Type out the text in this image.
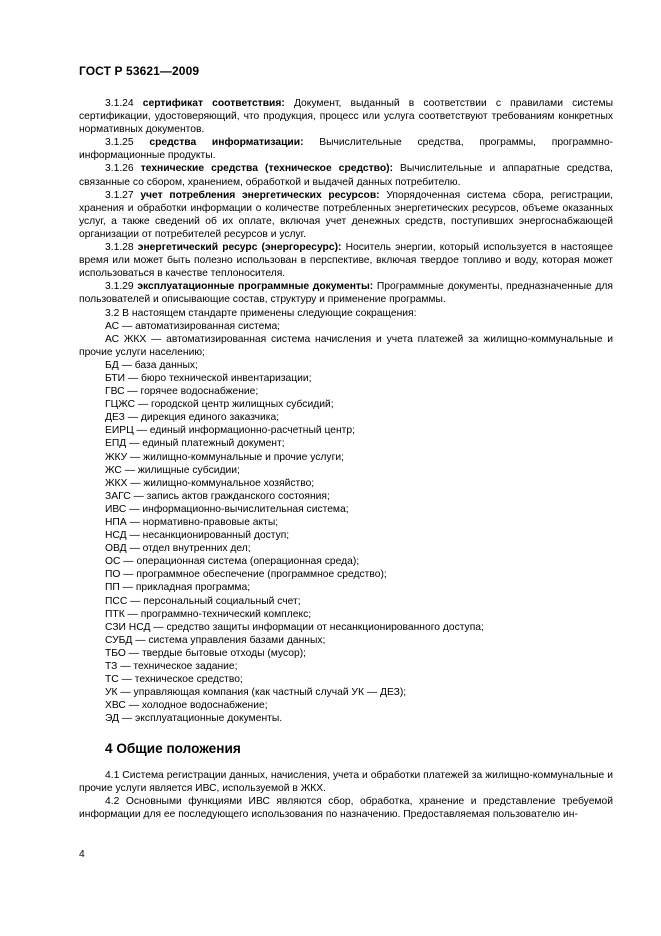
ГОСТ Р 53621—2009

3.1.24 сертификат соответствия: Документ, выданный в соответствии с правилами системы сертификации, удостоверяющий, что продукция, процесс или услуга соответствуют требованиям конкретных нормативных документов.

3.1.25 средства информатизации: Вычислительные средства, программы, программно-информационные продукты.

3.1.26 технические средства (техническое средство): Вычислительные и аппаратные средства, связанные со сбором, хранением, обработкой и выдачей данных потребителю.

3.1.27 учет потребления энергетических ресурсов: Упорядоченная система сбора, регистрации, хранения и обработки информации о количестве потребленных энергетических ресурсов, объеме оказанных услуг, а также сведений об их оплате, включая учет денежных средств, поступивших энергоснабжающей организации от потребителей ресурсов и услуг.

3.1.28 энергетический ресурс (энергоресурс): Носитель энергии, который используется в настоящее время или может быть полезно использован в перспективе, включая твердое топливо и воду, которая может использоваться в качестве теплоносителя.

3.1.29 эксплуатационные программные документы: Программные документы, предназначенные для пользователей и описывающие состав, структуру и применение программы.

3.2 В настоящем стандарте применены следующие сокращения:

АС — автоматизированная система;
АС ЖКХ — автоматизированная система начисления и учета платежей за жилищно-коммунальные и прочие услуги населению;
БД — база данных;
БТИ — бюро технической инвентаризации;
ГВС — горячее водоснабжение;
ГЦЖС — городской центр жилищных субсидий;
ДЕЗ — дирекция единого заказчика;
ЕИРЦ — единый информационно-расчетный центр;
ЕПД — единый платежный документ;
ЖКУ — жилищно-коммунальные и прочие услуги;
ЖС — жилищные субсидии;
ЖКХ — жилищно-коммунальное хозяйство;
ЗАГС — запись актов гражданского состояния;
ИВС — информационно-вычислительная система;
НПА — нормативно-правовые акты;
НСД — несанкционированный доступ;
ОВД — отдел внутренних дел;
ОС — операционная система (операционная среда);
ПО — программное обеспечение (программное средство);
ПП — прикладная программа;
ПСС — персональный социальный счет;
ПТК — программно-технический комплекс;
СЗИ НСД — средство защиты информации от несанкционированного доступа;
СУБД — система управления базами данных;
ТБО — твердые бытовые отходы (мусор);
ТЗ — техническое задание;
ТС — техническое средство;
УК — управляющая компания (как частный случай УК — ДЕЗ);
ХВС — холодное водоснабжение;
ЭД — эксплуатационные документы.
4 Общие положения

4.1 Система регистрации данных, начисления, учета и обработки платежей за жилищно-коммунальные и прочие услуги является ИВС, используемой в ЖКХ.

4.2 Основными функциями ИВС являются сбор, обработка, хранение и представление требуемой информации для ее последующего использования по назначению. Предоставляемая пользователю ин-

4
